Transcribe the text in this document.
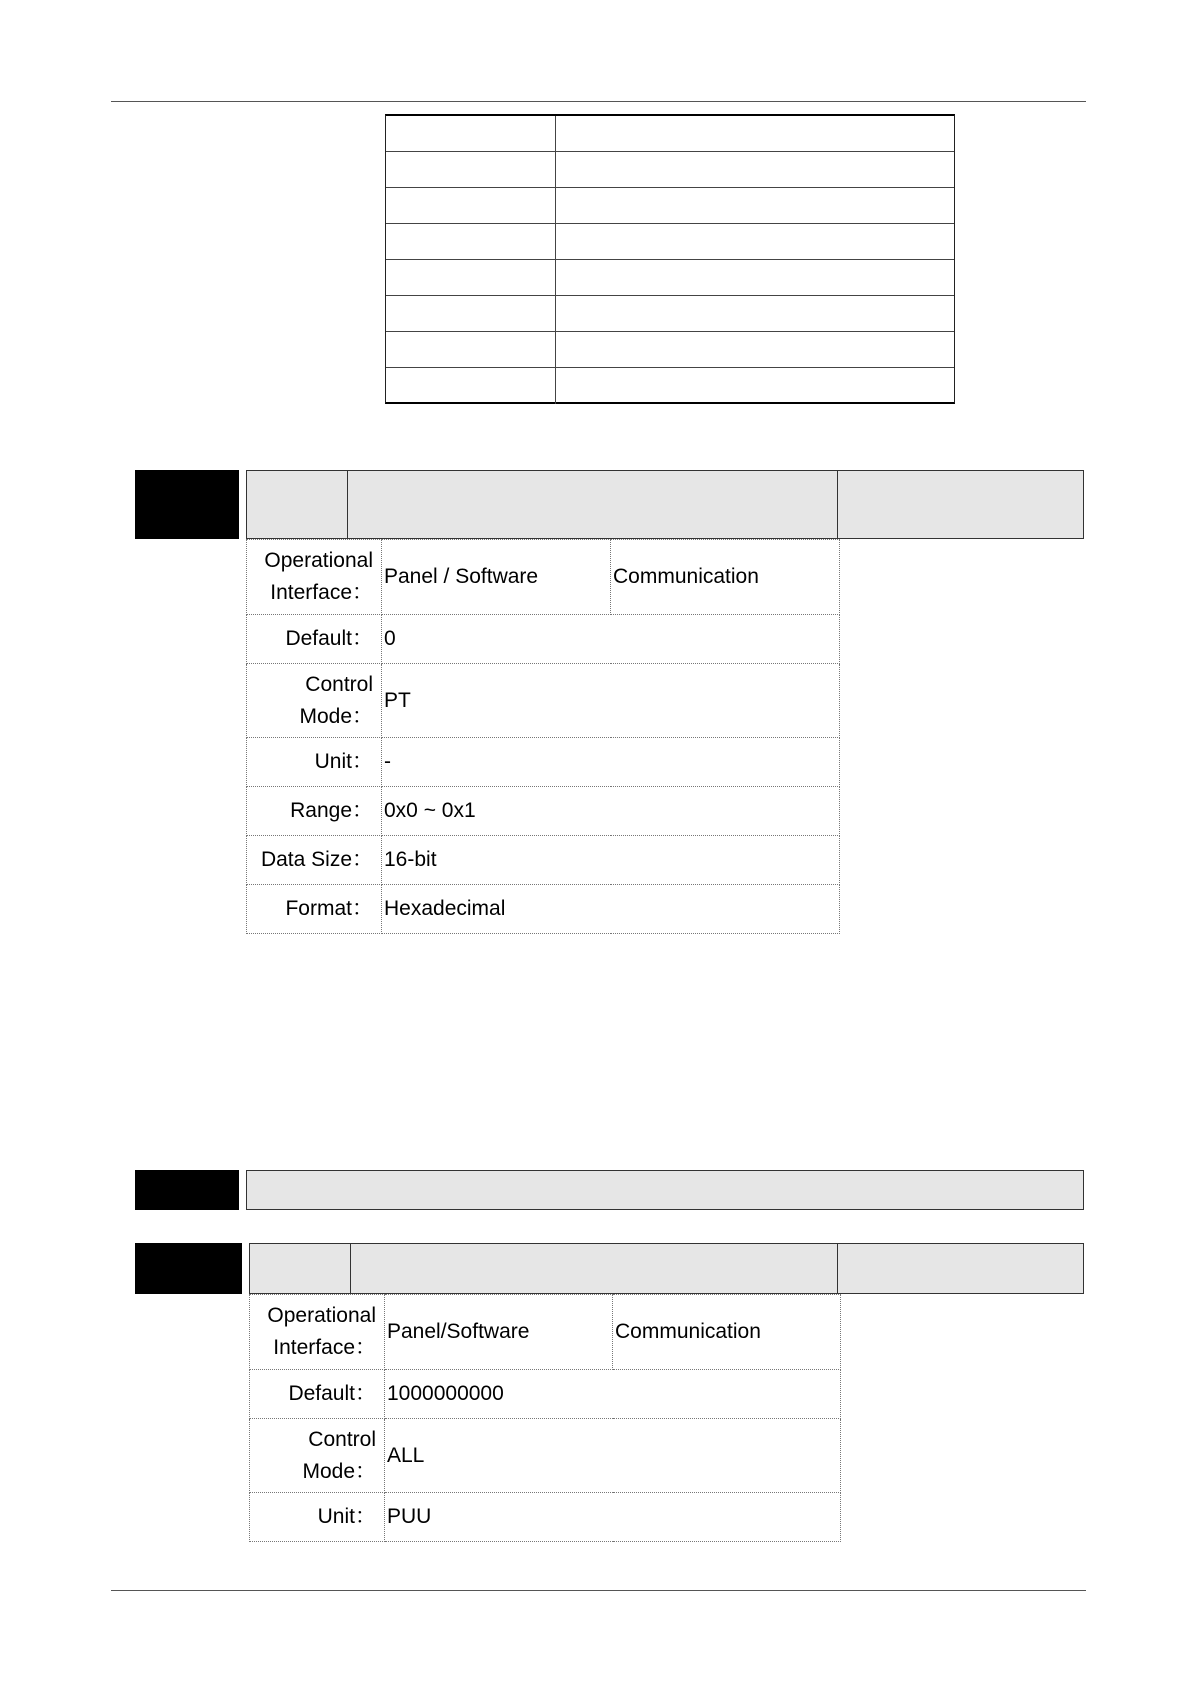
Operational Interface：	Panel / Software	Communication
Default：	0	
Control Mode：	PT	
Unit：	-	
Range：	0x0 ~ 0x1	
Data Size：	16-bit	
Format：	Hexadecimal	
Operational Interface：	Panel/Software	Communication
Default：	1000000000	
Control Mode：	ALL	
Unit：	PUU	
